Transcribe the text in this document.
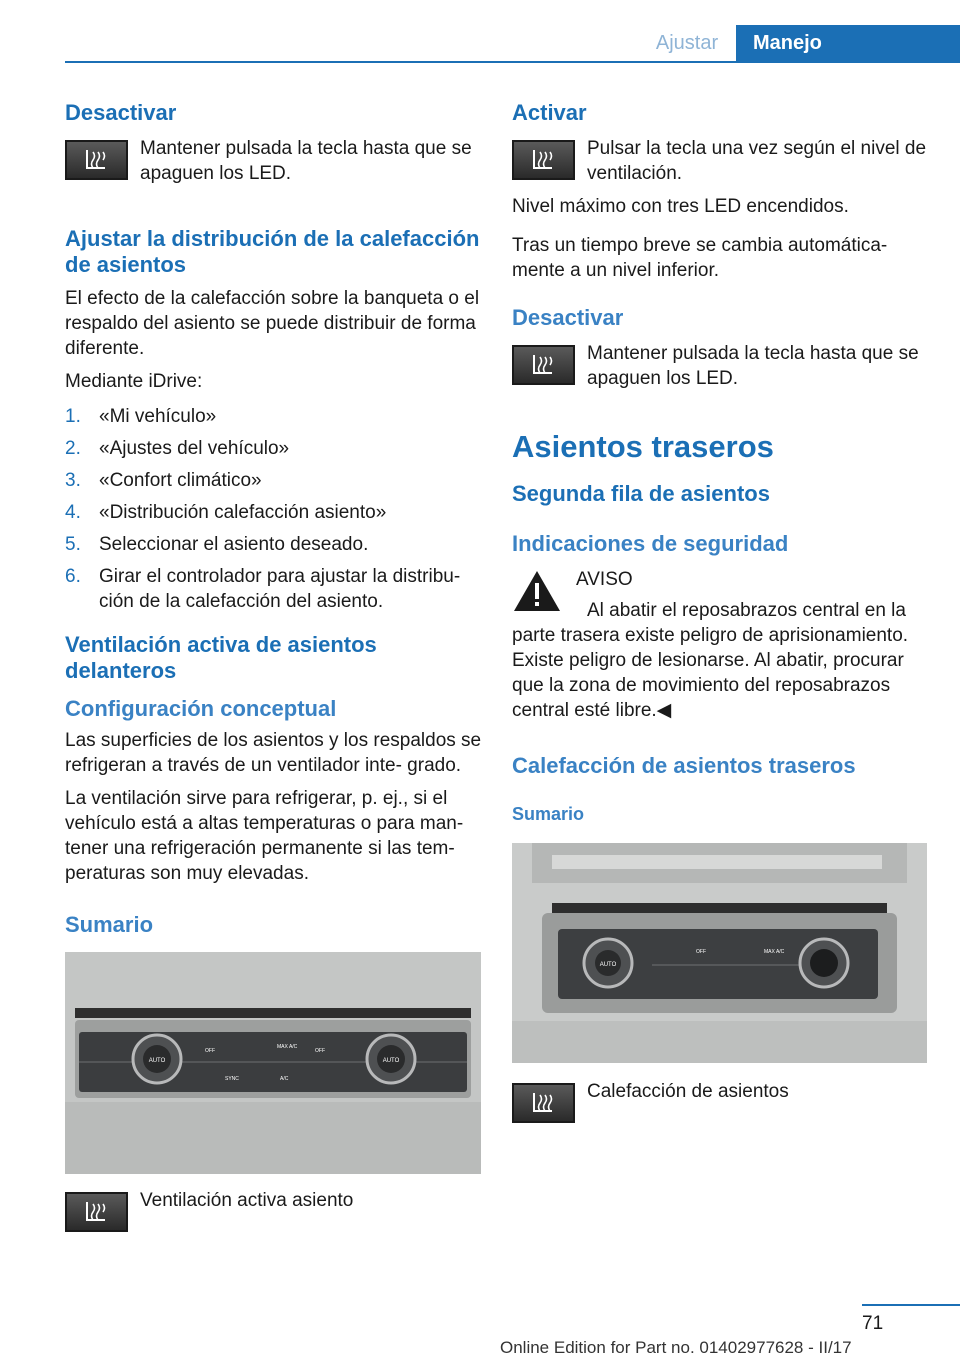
Ajustar	Manejo
Desactivar

Mantener pulsada la tecla hasta que se apaguen los LED.

Ajustar la distribución de la calefacción de asientos

El efecto de la calefacción sobre la banqueta o el respaldo del asiento se puede distribuir de forma diferente.

Mediante iDrive:

1. «Mi vehículo»
2. «Ajustes del vehículo»
3. «Confort climático»
4. «Distribución calefacción asiento»
5. Seleccionar el asiento deseado.
6. Girar el controlador para ajustar la distribu‐ ción de la calefacción del asiento.
Ventilación activa de asientos delanteros
Configuración conceptual

Las superficies de los asientos y los respaldos se refrigeran a través de un ventilador inte‐ grado.

La ventilación sirve para refrigerar, p. ej., si el vehículo está a altas temperaturas o para man‐ tener una refrigeración permanente si las tem‐ peraturas son muy elevadas.

Sumario
AUTO	AUTO
OFF	OFF
MAX A/C
SYNC	A/C

Ventilación activa asiento

Activar

Pulsar la tecla una vez según el nivel de ventilación.

Nivel máximo con tres LED encendidos.

Tras un tiempo breve se cambia automática‐ mente a un nivel inferior.

Desactivar

Mantener pulsada la tecla hasta que se apaguen los LED.

Asientos traseros
Segunda fila de asientos
Indicaciones de seguridad

AVISO

Al abatir el reposabrazos central en la parte trasera existe peligro de aprisionamiento. Existe peligro de lesionarse. Al abatir, procurar que la zona de movimiento del reposabrazos central esté libre.◀

Calefacción de asientos traseros
Sumario
AUTO
OFF	MAX A/C

Calefacción de asientos

71
Online Edition for Part no. 01402977628 - II/17
